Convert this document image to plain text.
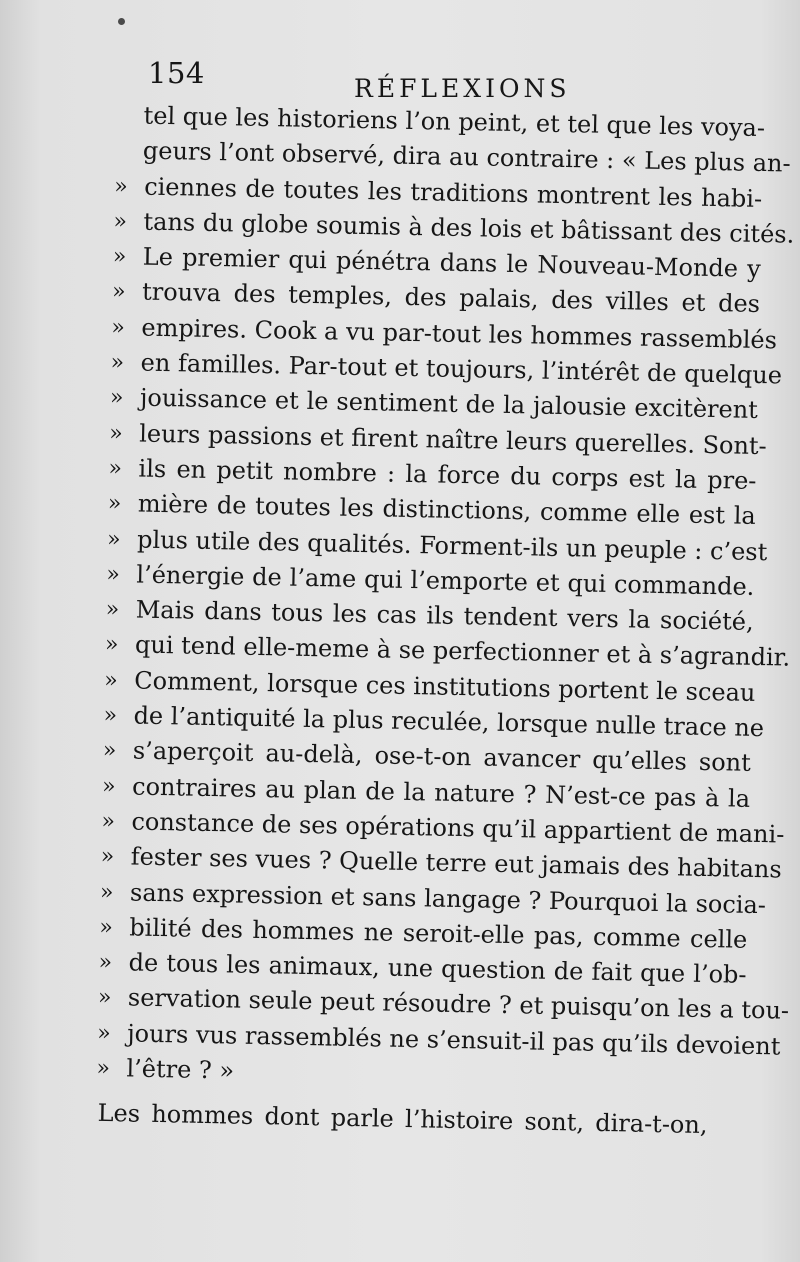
154	RÉFLEXIONS
tel que les historiens l’on peint, et tel que les voya-
geurs l’ont observé, dira au contraire : « Les plus an-
» ciennes de toutes les traditions montrent les habi-
» tans du globe soumis à des lois et bâtissant des cités.
» Le premier qui pénétra dans le Nouveau-Monde y
» trouva des temples, des palais, des villes et des
» empires. Cook a vu par-tout les hommes rassemblés
» en familles. Par-tout et toujours, l’intérêt de quelque
» jouissance et le sentiment de la jalousie excitèrent
» leurs passions et firent naître leurs querelles. Sont-
» ils en petit nombre : la force du corps est la pre-
» mière de toutes les distinctions, comme elle est la
» plus utile des qualités. Forment-ils un peuple : c’est
» l’énergie de l’ame qui l’emporte et qui commande.
» Mais dans tous les cas ils tendent vers la société,
» qui tend elle-meme à se perfectionner et à s’agrandir.
» Comment, lorsque ces institutions portent le sceau
» de l’antiquité la plus reculée, lorsque nulle trace ne
» s’aperçoit au-delà, ose-t-on avancer qu’elles sont
» contraires au plan de la nature ? N’est-ce pas à la
» constance de ses opérations qu’il appartient de mani-
» fester ses vues ? Quelle terre eut jamais des habitans
» sans expression et sans langage ? Pourquoi la socia-
» bilité des hommes ne seroit-elle pas, comme celle
» de tous les animaux, une question de fait que l’ob-
» servation seule peut résoudre ? et puisqu’on les a tou-
» jours vus rassemblés ne s’ensuit-il pas qu’ils devoient
» l’être ? »
Les hommes dont parle l’histoire sont, dira-t-on,
